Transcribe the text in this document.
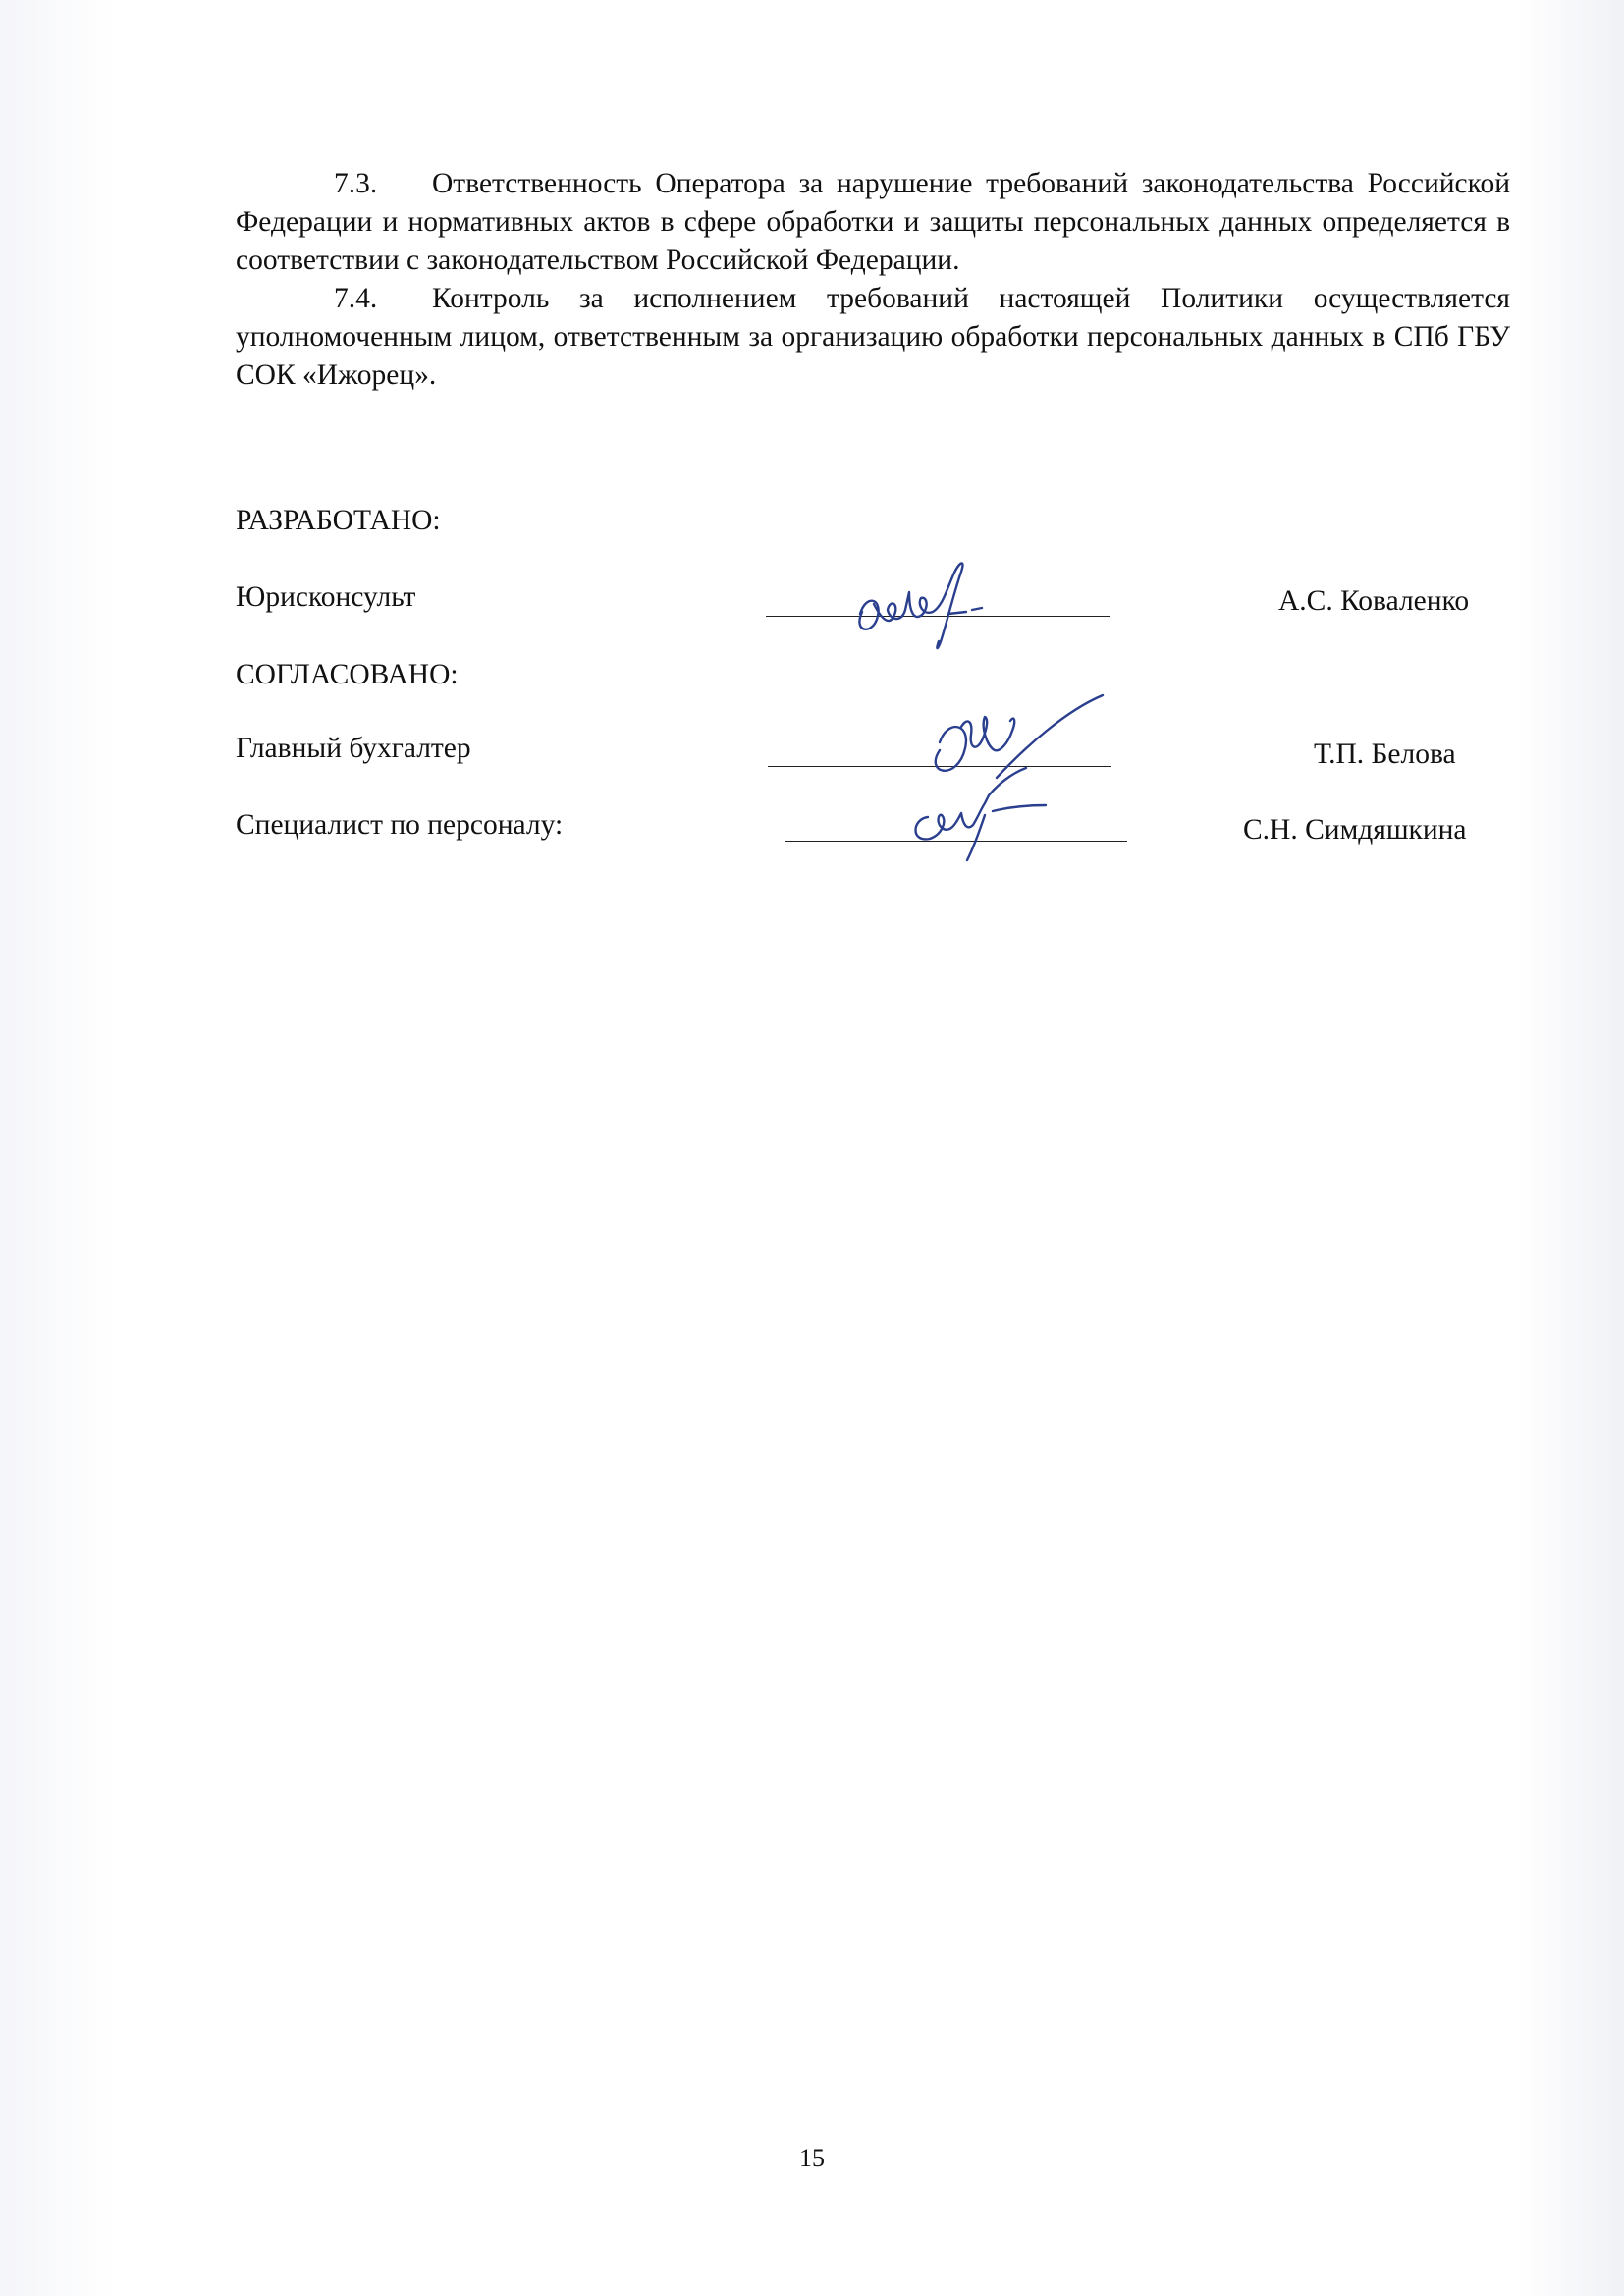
7.3. Ответственность Оператора за нарушение требований законодательства Российской Федерации и нормативных актов в сфере обработки и защиты персональных данных определяется в соответствии с законодательством Российской Федерации.

7.4. Контроль за исполнением требований настоящей Политики осуществляется уполномоченным лицом, ответственным за организацию обработки персональных данных в СПб ГБУ СОК «Ижорец».

РАЗРАБОТАНО:
Юрисконсульт	А.С. Коваленко
СОГЛАСОВАНО:
Главный бухгалтер	Т.П. Белова
Специалист по персоналу:	С.Н. Симдяшкина
15
